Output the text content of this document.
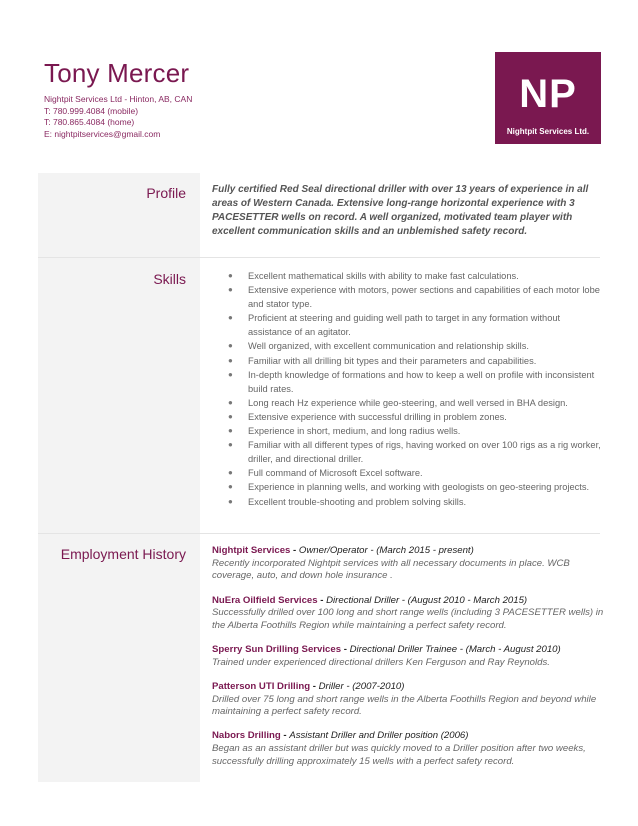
Tony Mercer
Nightpit Services Ltd - Hinton, AB, CAN
T: 780.999.4084 (mobile)
T: 780.865.4084 (home)
E: nightpitservices@gmail.com
NP
Nightpit Services Ltd.
Profile	Fully certified Red Seal directional driller with over 13 years of experience in all areas of Western Canada. Extensive long-range horizontal experience with 3 PACESETTER wells on record. A well organized, motivated team player with excellent communication skills and an unblemished safety record.

Skills	● Excellent mathematical skills with ability to make fast calculations.
● Extensive experience with motors, power sections and capabilities of each motor lobe and stator type.
● Proficient at steering and guiding well path to target in any formation without assistance of an agitator.
● Well organized, with excellent communication and relationship skills.
● Familiar with all drilling bit types and their parameters and capabilities.
● In-depth knowledge of formations and how to keep a well on profile with inconsistent build rates.
● Long reach Hz experience while geo-steering, and well versed in BHA design.
● Extensive experience with successful drilling in problem zones.
● Experience in short, medium, and long radius wells.
● Familiar with all different types of rigs, having worked on over 100 rigs as a rig worker, driller, and directional driller.
● Full command of Microsoft Excel software.
● Experience in planning wells, and working with geologists on geo-steering projects.
● Excellent trouble-shooting and problem solving skills.
Employment History	Nightpit Services - Owner/Operator - (March 2015 - present)
Recently incorporated Nightpit services with all necessary documents in place. WCB coverage, auto, and down hole insurance .
NuEra Oilfield Services - Directional Driller - (August 2010 - March 2015)
Successfully drilled over 100 long and short range wells (including 3 PACESETTER wells) in the Alberta Foothills Region while maintaining a perfect safety record.
Sperry Sun Drilling Services - Directional Driller Trainee - (March - August 2010)
Trained under experienced directional drillers Ken Ferguson and Ray Reynolds.
Patterson UTI Drilling - Driller - (2007-2010)
Drilled over 75 long and short range wells in the Alberta Foothills Region and beyond while maintaining a perfect safety record.
Nabors Drilling - Assistant Driller and Driller position (2006)
Began as an assistant driller but was quickly moved to a Driller position after two weeks, successfully drilling approximately 15 wells with a perfect safety record.
